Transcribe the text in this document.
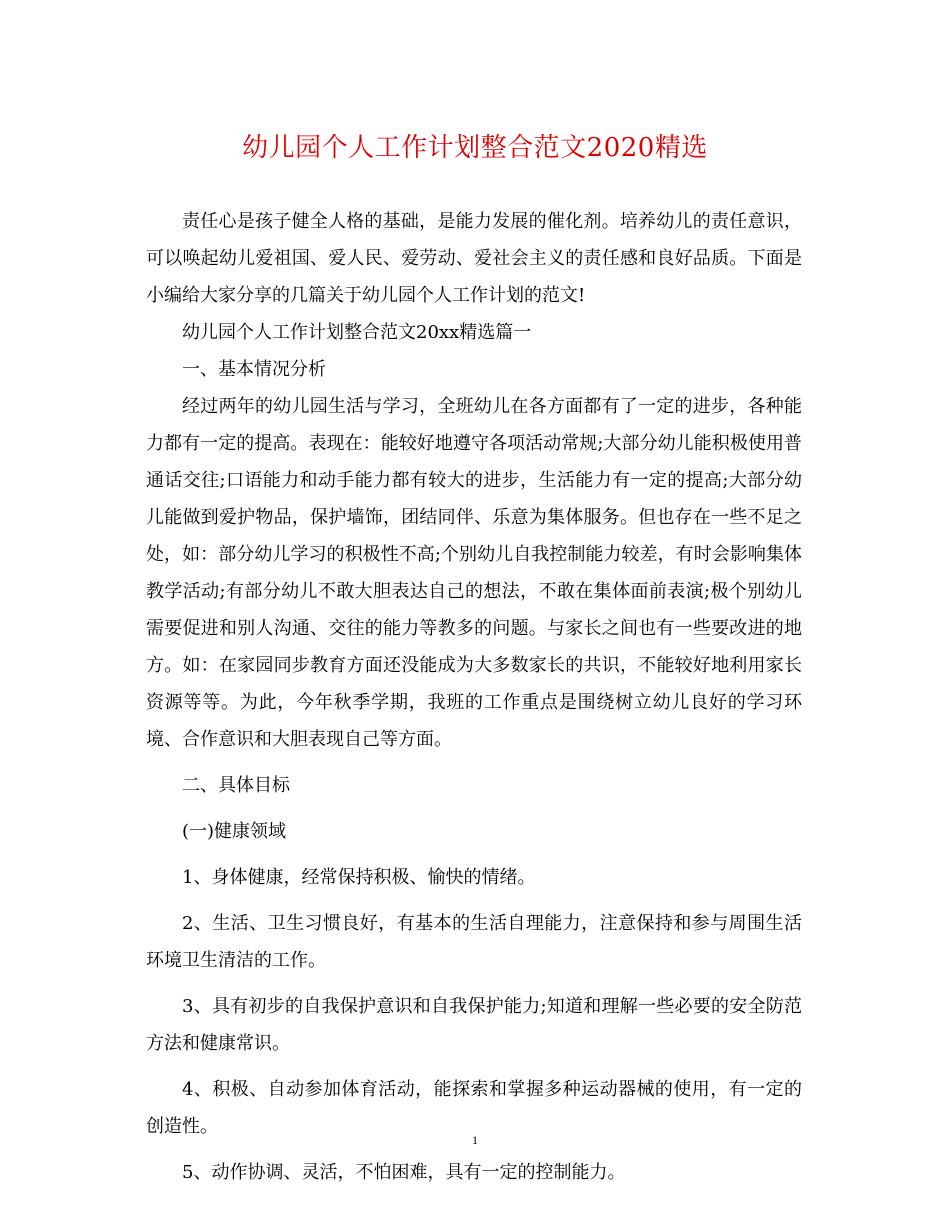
幼儿园个人工作计划整合范文2020精选

责任心是孩子健全人格的基础，是能力发展的催化剂。培养幼儿的责任意识，可以唤起幼儿爱祖国、爱人民、爱劳动、爱社会主义的责任感和良好品质。下面是小编给大家分享的几篇关于幼儿园个人工作计划的范文!

幼儿园个人工作计划整合范文20xx精选篇一

一、基本情况分析

经过两年的幼儿园生活与学习，全班幼儿在各方面都有了一定的进步，各种能力都有一定的提高。表现在：能较好地遵守各项活动常规;大部分幼儿能积极使用普通话交往;口语能力和动手能力都有较大的进步，生活能力有一定的提高;大部分幼儿能做到爱护物品，保护墙饰，团结同伴、乐意为集体服务。但也存在一些不足之处，如：部分幼儿学习的积极性不高;个别幼儿自我控制能力较差，有时会影响集体教学活动;有部分幼儿不敢大胆表达自己的想法，不敢在集体面前表演;极个别幼儿需要促进和别人沟通、交往的能力等教多的问题。与家长之间也有一些要改进的地方。如：在家园同步教育方面还没能成为大多数家长的共识，不能较好地利用家长资源等等。为此，今年秋季学期，我班的工作重点是围绕树立幼儿良好的学习环境、合作意识和大胆表现自己等方面。

二、具体目标

(一)健康领域

1、身体健康，经常保持积极、愉快的情绪。

2、生活、卫生习惯良好，有基本的生活自理能力，注意保持和参与周围生活环境卫生清洁的工作。

3、具有初步的自我保护意识和自我保护能力;知道和理解一些必要的安全防范方法和健康常识。

4、积极、自动参加体育活动，能探索和掌握多种运动器械的使用，有一定的创造性。

5、动作协调、灵活，不怕困难，具有一定的控制能力。

1
